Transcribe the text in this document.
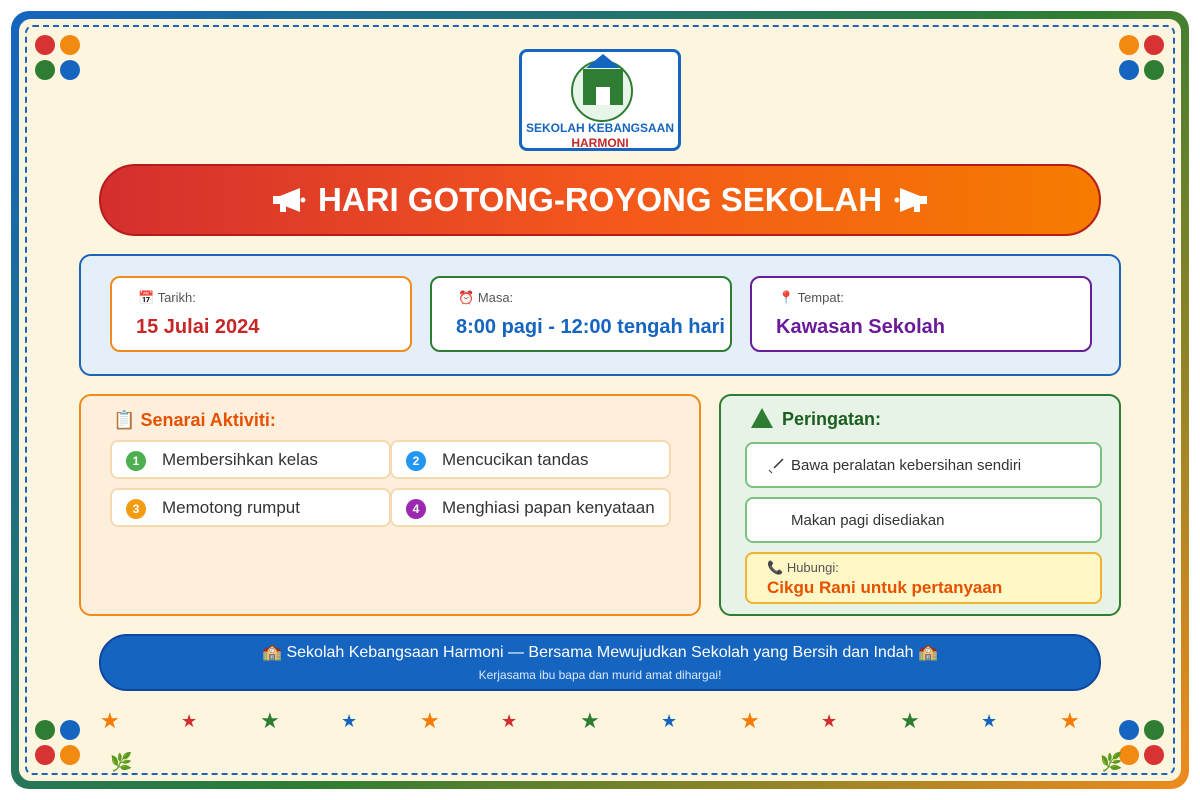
SEKOLAH KEBANGSAAN
HARMONI
HARI GOTONG-ROYONG SEKOLAH
📅 Tarikh:
15 Julai 2024
⏰ Masa:
8:00 pagi - 12:00 tengah hari
📍 Tempat:
Kawasan Sekolah
📋 Senarai Aktiviti:
1	Membersihkan kelas	2	Mencucikan tandas
3	Memotong rumput	4	Menghiasi papan kenyataan
Peringatan:
Bawa peralatan kebersihan sendiri
Makan pagi disediakan
📞 Hubungi:
Cikgu Rani untuk pertanyaan
🏫 Sekolah Kebangsaan Harmoni — Bersama Mewujudkan Sekolah yang Bersih dan Indah 🏫
Kerjasama ibu bapa dan murid amat dihargai!
★	★	★	★	★	★	★	★	★	★	★	★	★
🌿	🌿
